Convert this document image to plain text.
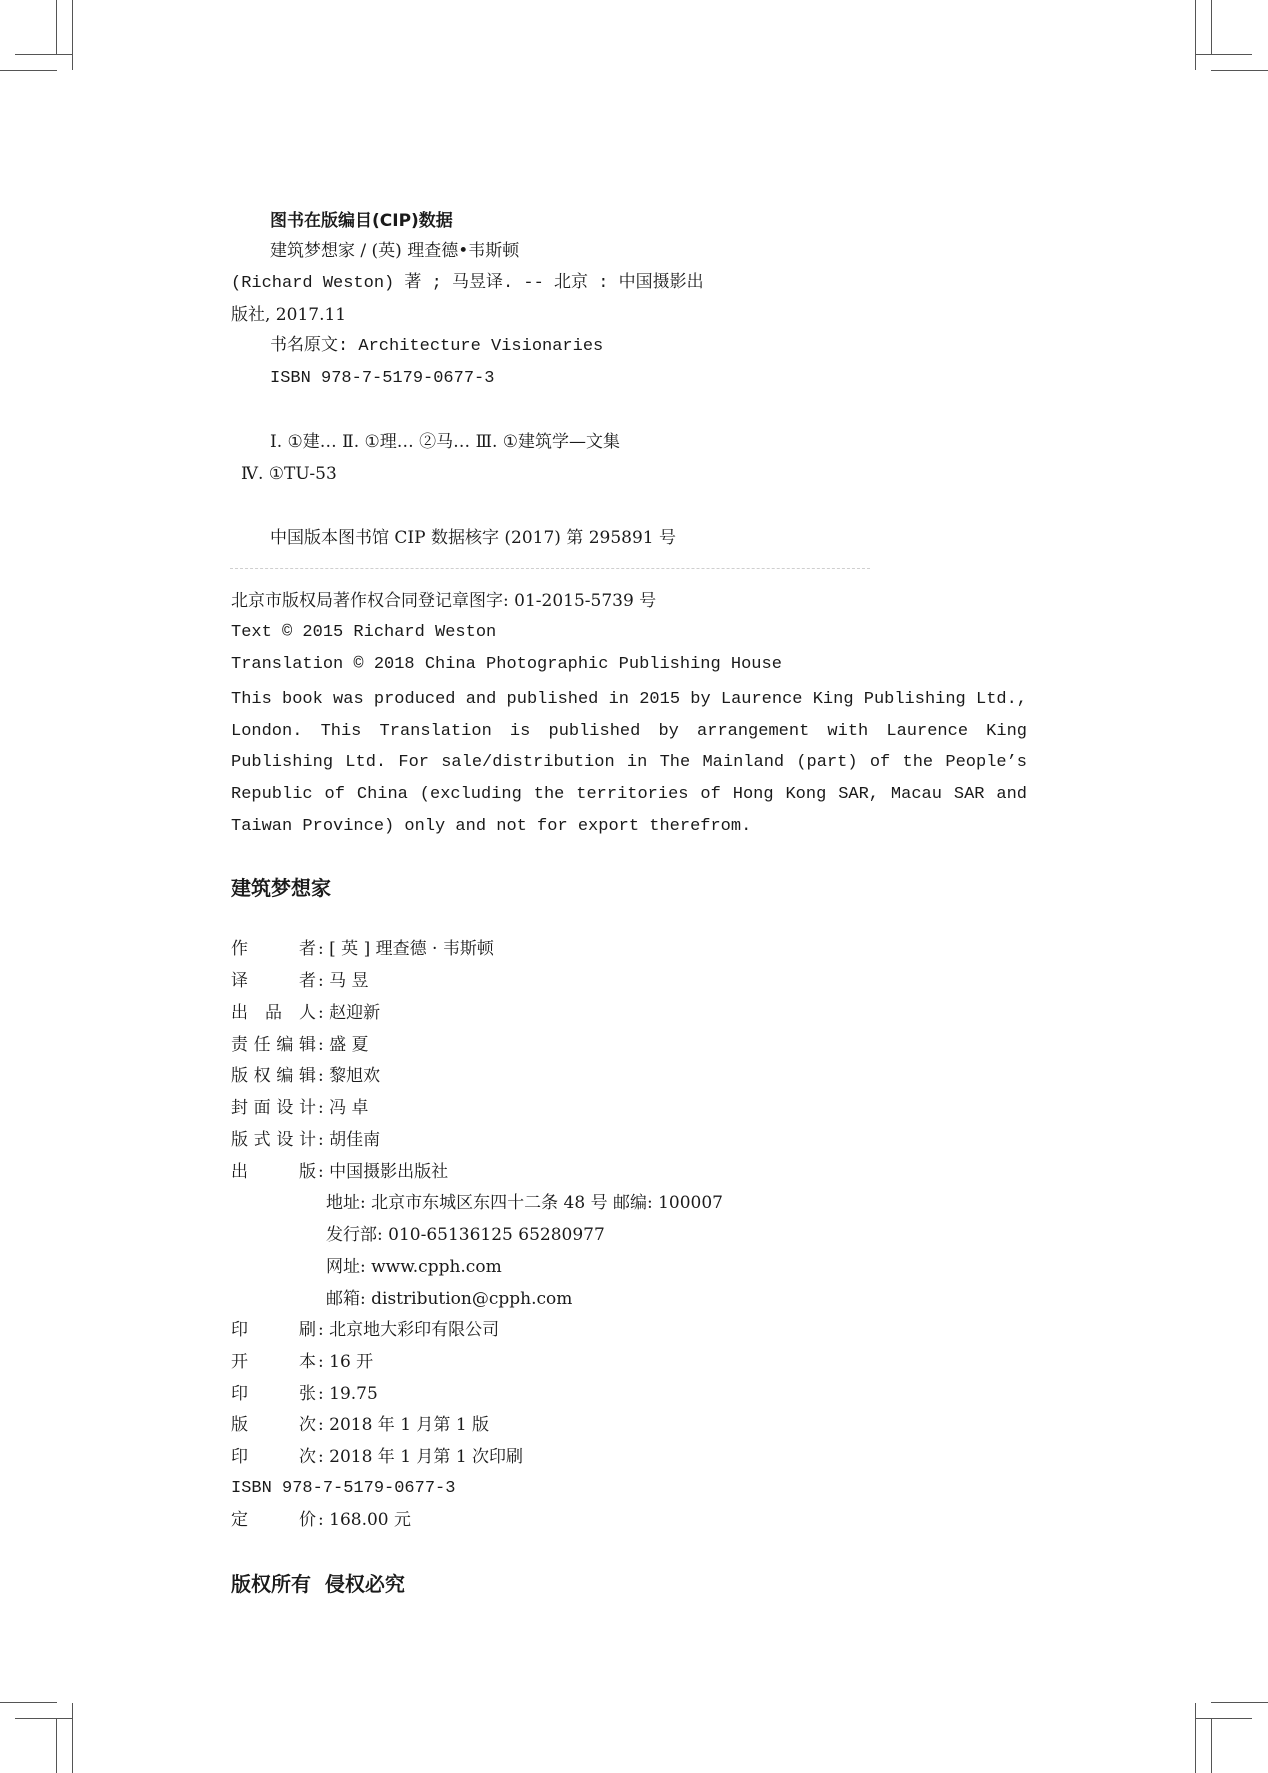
图书在版编目(CIP)数据
建筑梦想家 / (英) 理查德•韦斯顿
(Richard Weston) 著 ; 马昱译. -- 北京 : 中国摄影出
版社, 2017.11
书名原文: Architecture Visionaries
ISBN 978-7-5179-0677-3
Ⅰ. ①建… Ⅱ. ①理… ②马… Ⅲ. ①建筑学—文集
Ⅳ. ①TU-53
中国版本图书馆 CIP 数据核字 (2017) 第 295891 号
北京市版权局著作权合同登记章图字: 01-2015-5739 号
Text © 2015 Richard Weston
Translation © 2018 China Photographic Publishing House
This book was produced and published in 2015 by Laurence King Publishing Ltd., London. This Translation is published by arrangement with Laurence King Publishing Ltd. For sale/distribution in The Mainland (part) of the People’s Republic of China (excluding the territories of Hong Kong SAR, Macau SAR and Taiwan Province) only and not for export therefrom.
建筑梦想家
作者 : [ 英 ] 理查德 · 韦斯顿
译者 : 马 昱
出品人 : 赵迎新
责任编辑 : 盛 夏
版权编辑 : 黎旭欢
封面设计 : 冯 卓
版式设计 : 胡佳南
出版 : 中国摄影出版社
地址: 北京市东城区东四十二条 48 号 邮编: 100007
发行部: 010-65136125 65280977
网址: www.cpph.com
邮箱: distribution@cpph.com
印刷 : 北京地大彩印有限公司
开本 : 16 开
印张 : 19.75
版次 : 2018 年 1 月第 1 版
印次 : 2018 年 1 月第 1 次印刷
ISBN 978-7-5179-0677-3
定价 : 168.00 元
版权所有  侵权必究
